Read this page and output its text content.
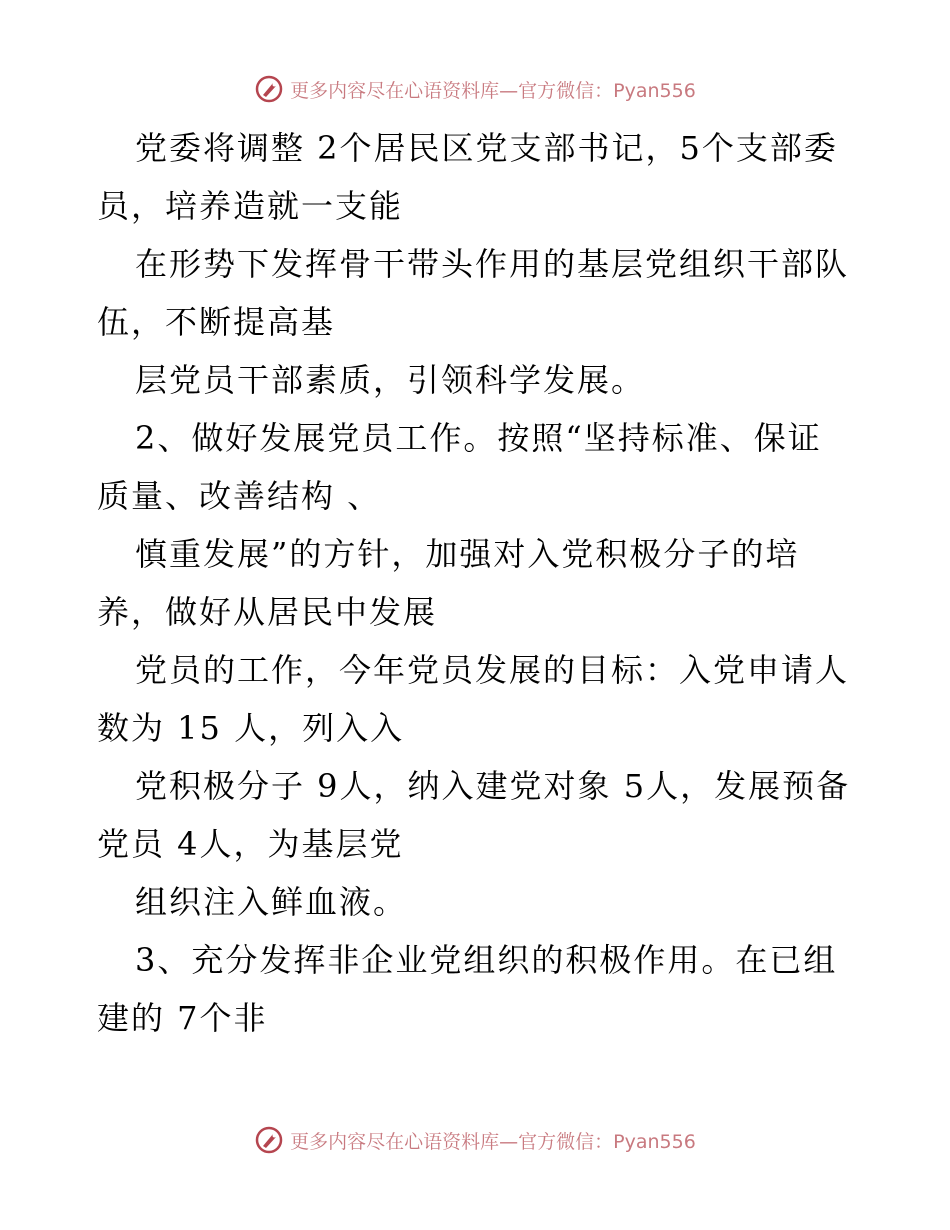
更多内容尽在心语资料库—官方微信：Pyan556
党委将调整 2个居民区党支部书记，5个支部委
员，培养造就一支能
在形势下发挥骨干带头作用的基层党组织干部队
伍，不断提高基
层党员干部素质，引领科学发展。
2、做好发展党员工作。按照“坚持标准、保证
质量、改善结构 、
慎重发展”的方针，加强对入党积极分子的培
养，做好从居民中发展
党员的工作，今年党员发展的目标：入党申请人
数为 15 人，列入入
党积极分子 9人，纳入建党对象 5人，发展预备
党员 4人，为基层党
组织注入鲜血液。
3、充分发挥非企业党组织的积极作用。在已组
建的 7个非
更多内容尽在心语资料库—官方微信：Pyan556
